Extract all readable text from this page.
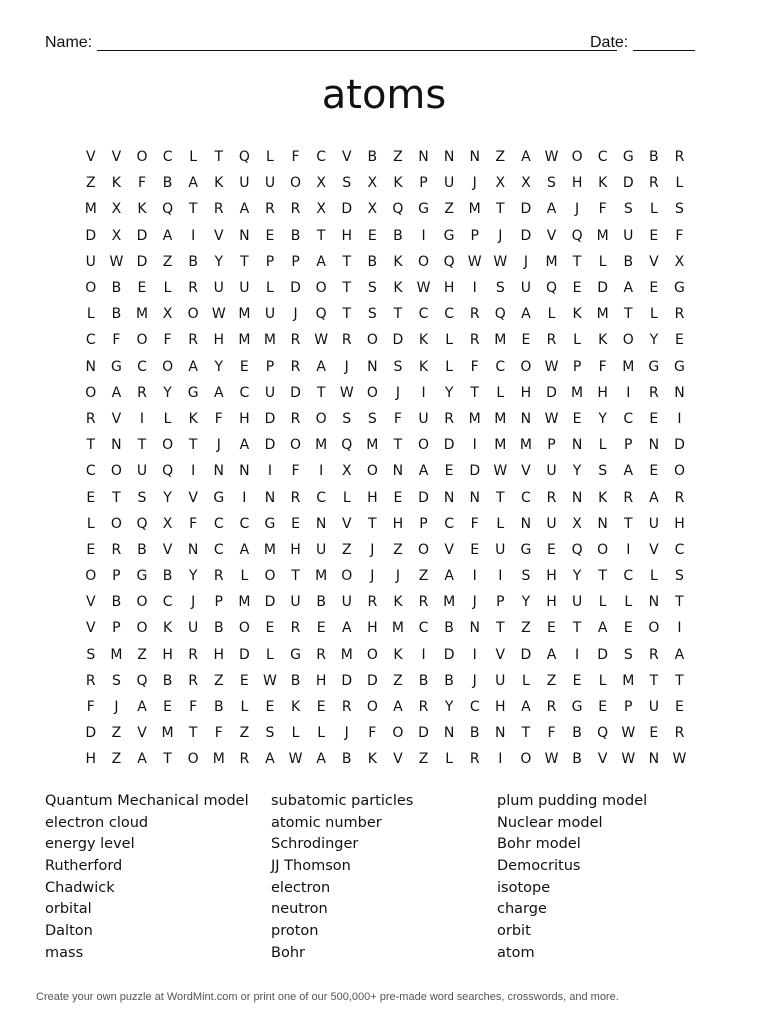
Name:	Date:
atoms
V	V	O	C	L	T	Q	L	F	C	V	B	Z	N	N	N	Z	A W O	C	G	B	R
Z	K	F	B	A	K	U	U	O	X	S	X	K	P	U	J	X	X	S	H	K	D	R	L
M	X	K	Q	T	R	A	R	R	X	D	X	Q	G	Z	M	T	D	A	J	F	S	L	S
D	X	D	A	I	V	N	E	B	T	H	E	B	I	G	P	J	D	V	Q	M	U	E	F
U W D	Z	B	Y	T	P	P	A	T	B	K	O	Q W W	J	M	T	L	B	V	X
O	B	E	L	R	U	U	L	D	O	T	S	K	W H	I	S	U	Q	E	D	A	E	G
L	B	M	X	O W M	U	J	Q	T	S	T	C	C	R	Q	A	L	K	M	T	L	R
C	F	O	F	R	H	M M	R W R	O	D	K	L	R	M	E	R	L	K	O	Y	E
N	G	C	O	A	Y	E	P	R	A	J	N	S	K	L	F	C	O W	P	F	M	G	G
O	A	R	Y	G	A	C	U	D	T	W O	J	I	Y	T	L	H	D	M	H	I	R	N
R	V	I	L	K	F	H	D	R	O	S	S	F	U	R	M M	N W	E	Y	C	E	I
T	N	T	O	T	J	A	D	O	M	Q	M	T	O	D	I	M M	P	N	L	P	N	D
C	O	U	Q	I	N	N	I	F	I	X	O	N	A	E	D W V	U	Y	S	A	E	O
E	T	S	Y	V	G	I	N	R	C	L	H	E	D	N	N	T	C	R	N	K	R	A	R
L	O	Q	X	F	C	C	G	E	N	V	T	H	P	C	F	L	N	U	X	N	T	U	H
E	R	B	V	N	C	A	M	H	U	Z	J	Z	O	V	E	U	G	E	Q	O	I	V	C
O	P	G	B	Y	R	L	O	T	M	O	J	J	Z	A	I	I	S	H	Y	T	C	L	S
V	B	O	C	J	P	M	D	U	B	U	R	K	R	M	J	P	Y	H	U	L	L	N	T
V	P	O	K	U	B	O	E	R	E	A	H	M	C	B	N	T	Z	E	T	A	E	O	I
S	M	Z	H	R	H	D	L	G	R	M	O	K	I	D	I	V	D	A	I	D	S	R	A
R	S	Q	B	R	Z	E	W B	H	D	D	Z	B	B	J	U	L	Z	E	L	M	T	T
F	J	A	E	F	B	L	E	K	E	R	O	A	R	Y	C	H	A	R	G	E	P	U	E
D	Z	V	M	T	F	Z	S	L	L	J	F	O	D	N	B	N	T	F	B	Q W	E	R
H	Z	A	T	O	M	R	A W A	B	K	V	Z	L	R	I	O W B	V W N W
Quantum Mechanical model
electron cloud
energy level
Rutherford
Chadwick
orbital
Dalton
mass
subatomic particles
atomic number
Schrodinger
JJ Thomson
electron
neutron
proton
Bohr
plum pudding model
Nuclear model
Bohr model
Democritus
isotope
charge
orbit
atom
Create your own puzzle at WordMint.com or print one of our 500,000+ pre-made word searches, crosswords, and more.
